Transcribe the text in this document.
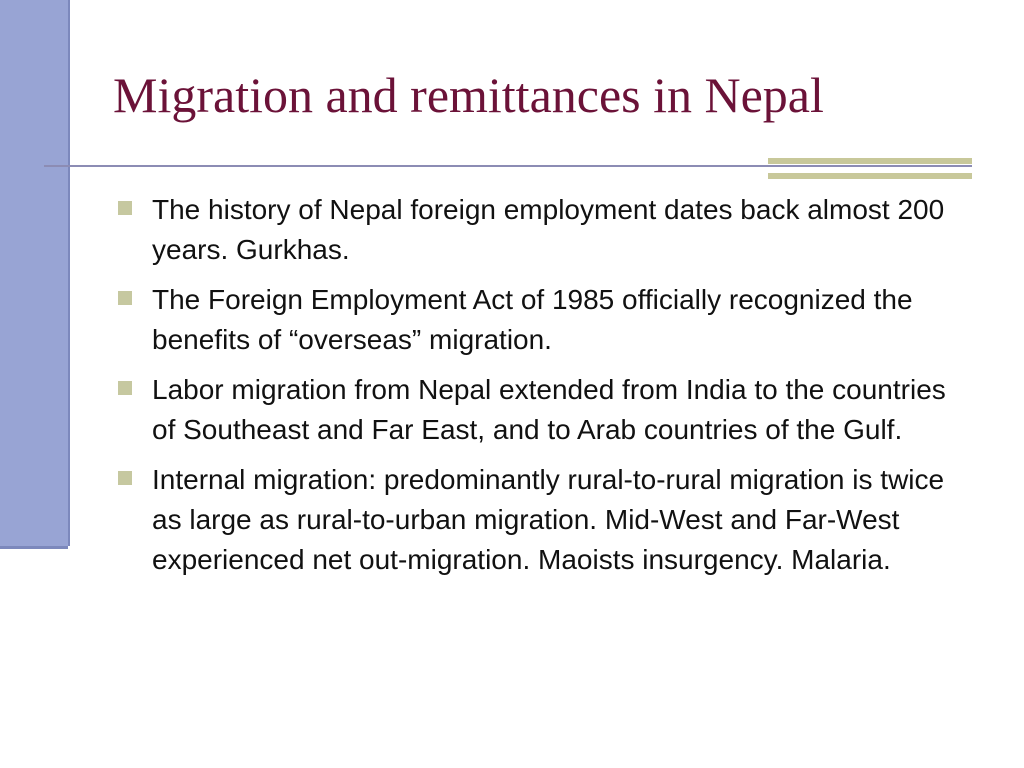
Migration and remittances in Nepal
The history of Nepal foreign employment dates back almost 200 years. Gurkhas.
The Foreign Employment Act of 1985 officially recognized the benefits of “overseas” migration.
Labor migration from Nepal extended from India to the countries of Southeast and Far East, and to Arab countries of the Gulf.
Internal migration: predominantly rural-to-rural migration is twice as large as rural-to-urban migration. Mid-West and Far-West experienced net out-migration. Maoists insurgency. Malaria.
